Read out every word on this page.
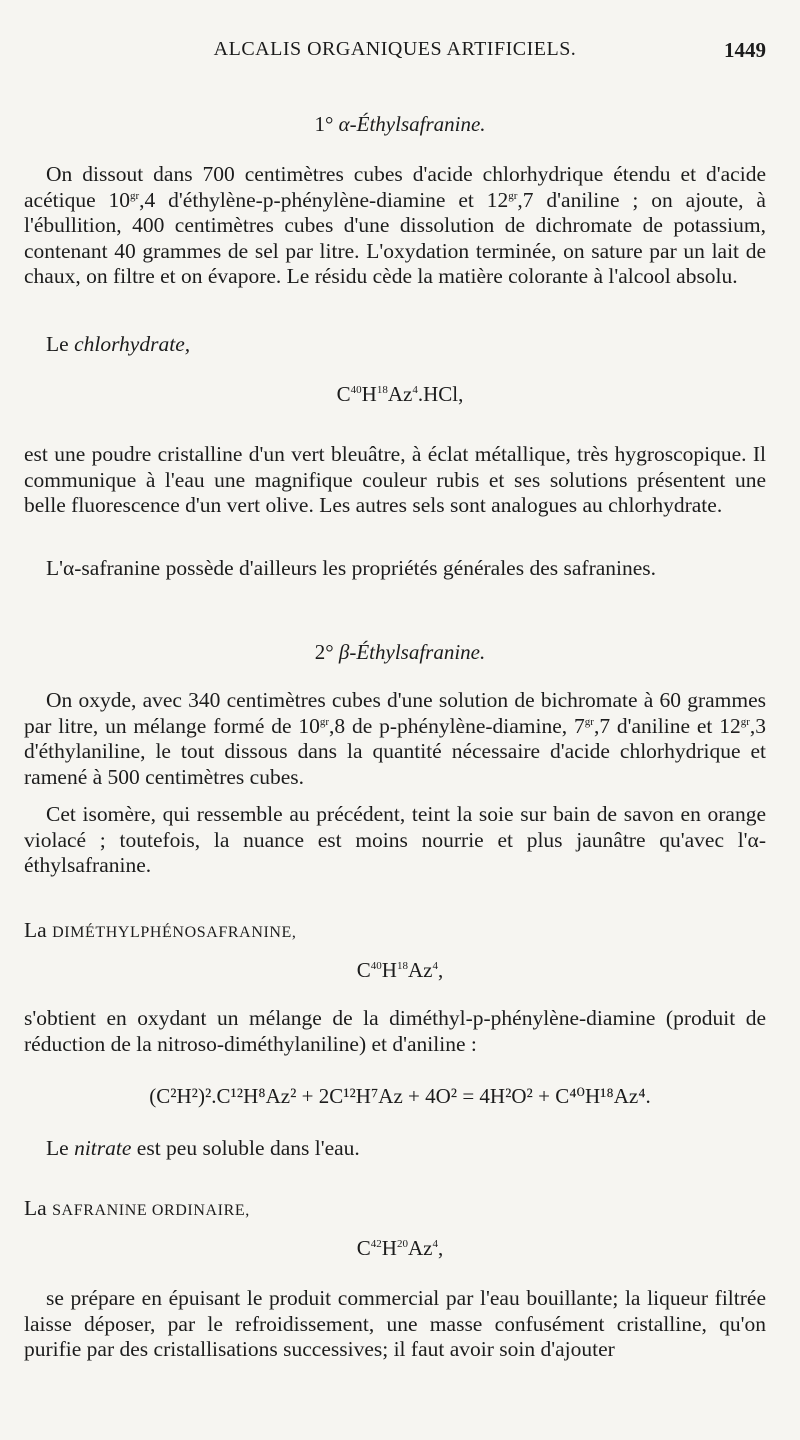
ALCALIS ORGANIQUES ARTIFICIELS.	1449
1° α-Éthylsafranine.

On dissout dans 700 centimètres cubes d'acide chlorhydrique étendu et d'acide acétique $10^{gr},4$ d'éthylène-p-phénylène-diamine et $12^{gr},7$ d'aniline ; on ajoute, à l'ébullition, 400 centimètres cubes d'une dissolution de dichromate de potassium, contenant 40 grammes de sel par litre. L'oxydation terminée, on sature par un lait de chaux, on filtre et on évapore. Le résidu cède la matière colorante à l'alcool absolu.

Le chlorhydrate,

$C^{40}H^{18}Az^4.HCl$,

est une poudre cristalline d'un vert bleuâtre, à éclat métallique, très hygroscopique. Il communique à l'eau une magnifique couleur rubis et ses solutions présentent une belle fluorescence d'un vert olive. Les autres sels sont analogues au chlorhydrate.

L'α-safranine possède d'ailleurs les propriétés générales des safranines.

2° β-Éthylsafranine.

On oxyde, avec 340 centimètres cubes d'une solution de bichromate à 60 grammes par litre, un mélange formé de $10^{gr},8$ de p-phénylène-diamine, $7^{gr},7$ d'aniline et $12^{gr},3$ d'éthylaniline, le tout dissous dans la quantité nécessaire d'acide chlorhydrique et ramené à 500 centimètres cubes.

Cet isomère, qui ressemble au précédent, teint la soie sur bain de savon en orange violacé ; toutefois, la nuance est moins nourrie et plus jaunâtre qu'avec l'α-éthylsafranine.

La DIMÉTHYLPHÉNOSAFRANINE,

$C^{40}H^{18}Az^4$,

s'obtient en oxydant un mélange de la diméthyl-p-phénylène-diamine (produit de réduction de la nitroso-diméthylaniline) et d'aniline :

(C²H²)².C¹²H⁸Az² + 2C¹²H⁷Az + 4O² = 4H²O² + C⁴⁰H¹⁸Az⁴.

Le nitrate est peu soluble dans l'eau.

La SAFRANINE ORDINAIRE,

$C^{42}H^{20}Az^4$,

se prépare en épuisant le produit commercial par l'eau bouillante; la liqueur filtrée laisse déposer, par le refroidissement, une masse confusément cristalline, qu'on purifie par des cristallisations successives; il faut avoir soin d'ajouter
